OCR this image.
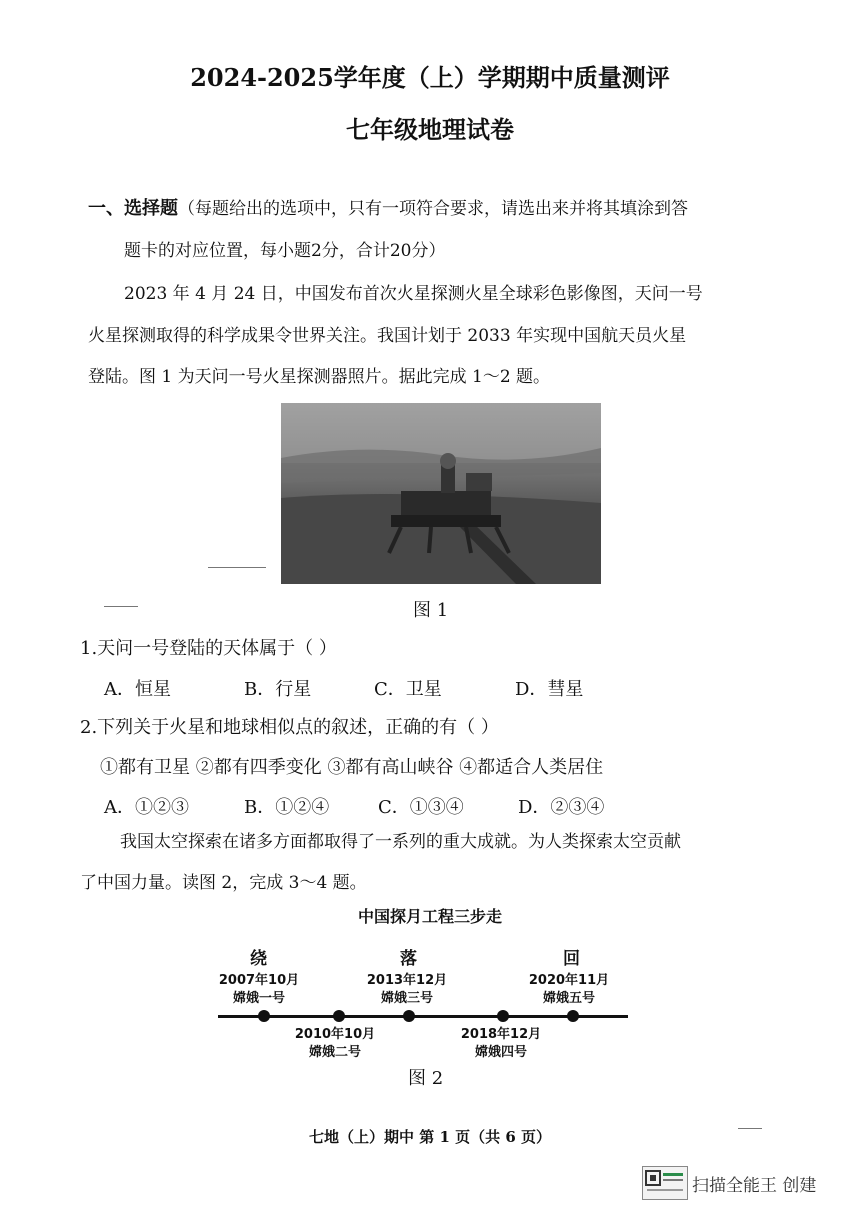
2024-2025学年度（上）学期期中质量测评
七年级地理试卷
一、选择题（每题给出的选项中，只有一项符合要求，请选出来并将其填涂到答
题卡的对应位置，每小题2分，合计20分）
2023 年 4 月 24 日，中国发布首次火星探测火星全球彩色影像图，天问一号
火星探测取得的科学成果令世界关注。我国计划于 2033 年实现中国航天员火星
登陆。图 1 为天问一号火星探测器照片。据此完成 1～2 题。
图 1
1.天问一号登陆的天体属于（ ）
A．恒星	B．行星	C．卫星	D．彗星
2.下列关于火星和地球相似点的叙述，正确的有（ ）
①都有卫星 ②都有四季变化 ③都有高山峡谷 ④都适合人类居住
A．①②③	B．①②④	C．①③④	D．②③④
我国太空探索在诸多方面都取得了一系列的重大成就。为人类探索太空贡献
了中国力量。读图 2，完成 3～4 题。
中国探月工程三步走
绕	落	回
2007年10月
嫦娥一号
2010年10月
嫦娥二号
2013年12月
嫦娥三号
2018年12月
嫦娥四号
2020年11月
嫦娥五号
图 2
七地（上）期中 第 1 页（共 6 页）
扫描全能王 创建
